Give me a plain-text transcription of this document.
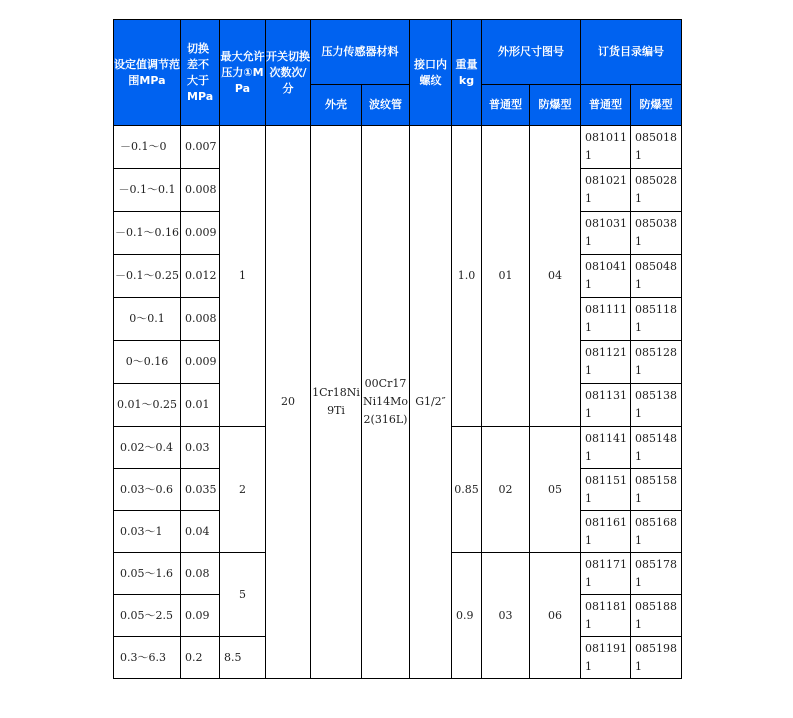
设定值调节范围MPa	切换差不大于MPa	最大允许压力①MPa	开关切换次数次/分	压力传感器材料		接口内螺纹	重量kg	外形尺寸图号		订货目录编号	
				外壳	波纹管			普通型	防爆型	普通型	防爆型
－0.1～0	0.007	1	20	1Cr18Ni9Ti	00Cr17Ni14Mo2(316L)	G1/2″	1.0	01	04	0810111	0850181
－0.1～0.1	0.008									0810211	0850281
－0.1～0.16	0.009									0810311	0850381
－0.1～0.25	0.012									0810411	0850481
0～0.1	0.008									0811111	0851181
0～0.16	0.009									0811211	0851281
0.01～0.25	0.01									0811311	0851381
0.02～0.4	0.03	2					0.85	02	05	0811411	0851481
0.03～0.6	0.035									0811511	0851581
0.03～1	0.04									0811611	0851681
0.05～1.6	0.08	5					0.9	03	06	0811711	0851781
0.05～2.5	0.09									0811811	0851881
0.3～6.3	0.2	8.5								0811911	0851981
